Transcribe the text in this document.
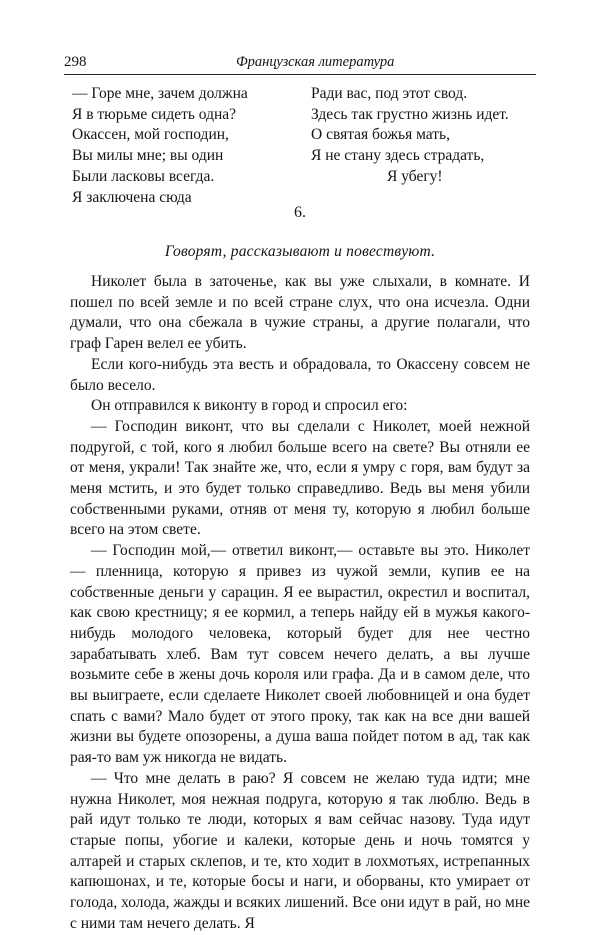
298	Французская литература
— Горе мне, зачем должна
Я в тюрьме сидеть одна?
Окассен, мой господин,
Вы милы мне; вы один
Были ласковы всегда.
Я заключена сюда
Ради вас, под этот свод.
Здесь так грустно жизнь идет.
О святая божья мать,
Я не стану здесь страдать,
Я убегу!
6.
Говорят, рассказывают и повествуют.

Николет была в заточенье, как вы уже слыхали, в комнате. И пошел по всей земле и по всей стране слух, что она исчезла. Одни думали, что она сбежала в чужие страны, а другие полагали, что граф Гарен велел ее убить.

Если кого-нибудь эта весть и обрадовала, то Окассену совсем не было весело.

Он отправился к виконту в город и спросил его:

— Господин виконт, что вы сделали с Николет, моей нежной подругой, с той, кого я любил больше всего на свете? Вы отняли ее от меня, украли! Так знайте же, что, если я умру с горя, вам будут за меня мстить, и это будет только справедливо. Ведь вы меня убили собственными руками, отняв от меня ту, которую я любил больше всего на этом свете.

— Господин мой,— ответил виконт,— оставьте вы это. Николет — пленница, которую я привез из чужой земли, купив ее на собственные деньги у сарацин. Я ее вырастил, окрестил и воспитал, как свою крестницу; я ее кормил, а теперь найду ей в мужья какого-нибудь молодого человека, который будет для нее честно зарабатывать хлеб. Вам тут совсем нечего делать, а вы лучше возьмите себе в жены дочь короля или графа. Да и в самом деле, что вы выиграете, если сделаете Николет своей любовницей и она будет спать с вами? Мало будет от этого проку, так как на все дни вашей жизни вы будете опозорены, а душа ваша пойдет потом в ад, так как рая-то вам уж никогда не видать.

— Что мне делать в раю? Я совсем не желаю туда идти; мне нужна Николет, моя нежная подруга, которую я так люблю. Ведь в рай идут только те люди, которых я вам сейчас назову. Туда идут старые попы, убогие и калеки, которые день и ночь томятся у алтарей и старых склепов, и те, кто ходит в лохмотьях, истрепанных капюшонах, и те, которые босы и наги, и оборваны, кто умирает от голода, холода, жажды и всяких лишений. Все они идут в рай, но мне с ними там нечего делать. Я
